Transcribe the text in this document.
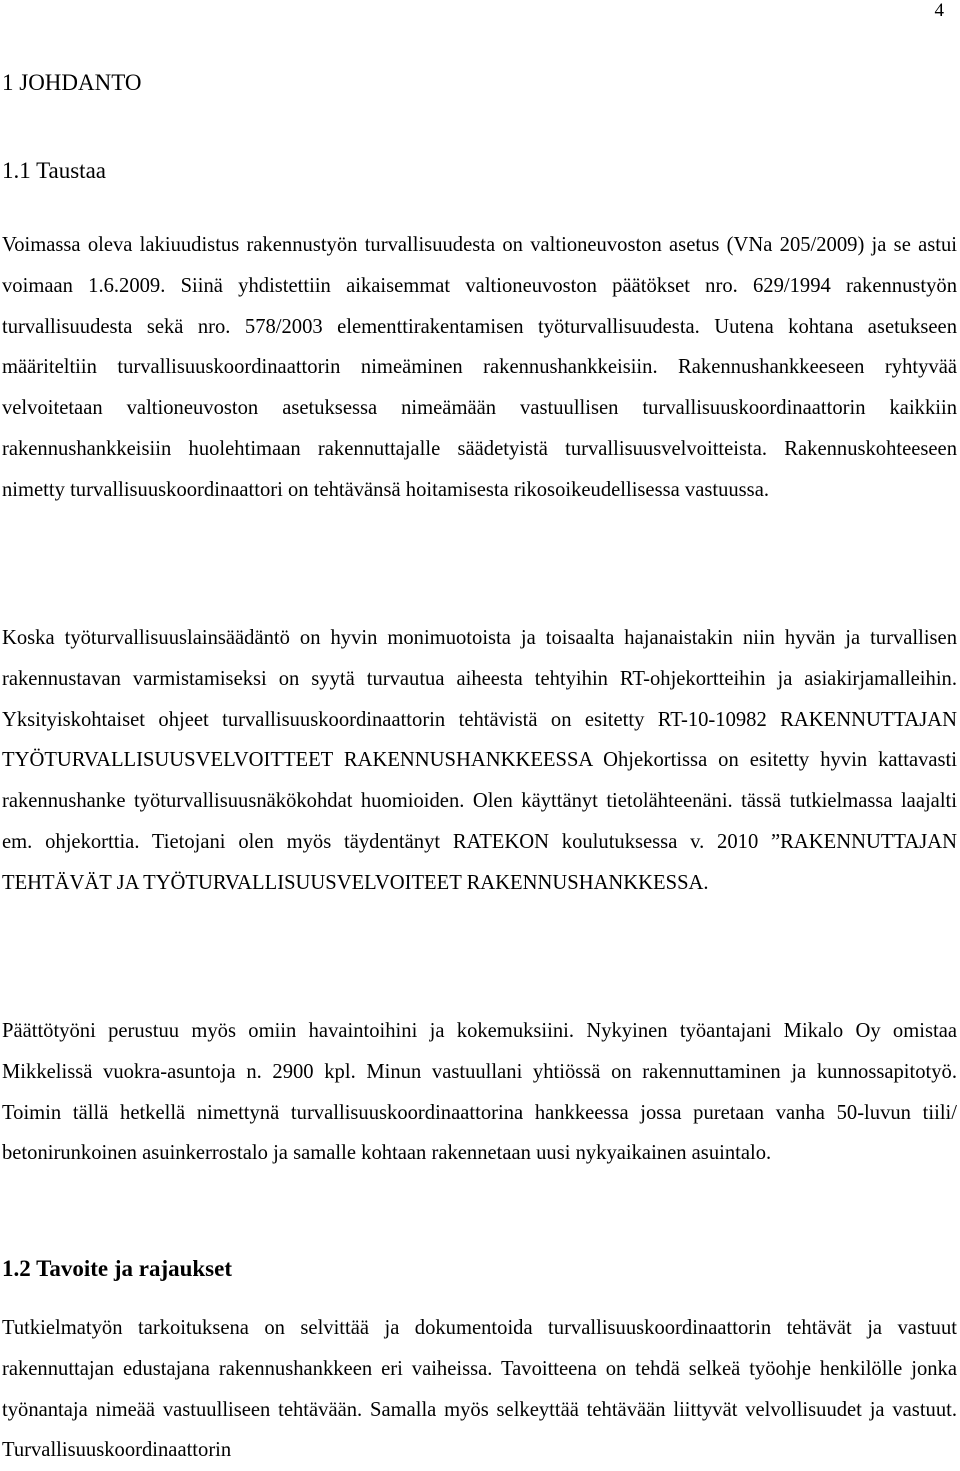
4
1 JOHDANTO
1.1 Taustaa

Voimassa oleva lakiuudistus rakennustyön turvallisuudesta on valtioneuvoston asetus (VNa 205/2009) ja se astui voimaan 1.6.2009. Siinä yhdistettiin aikaisemmat valtioneuvoston päätökset nro. 629/1994 rakennustyön turvallisuudesta sekä nro. 578/2003 elementtirakentamisen työturvallisuudesta. Uutena kohtana asetukseen määriteltiin turvallisuuskoordinaattorin nimeäminen rakennushankkeisiin. Rakennushankkeeseen ryhtyvää velvoitetaan valtioneuvoston asetuksessa nimeämään vastuullisen turvallisuuskoordinaattorin kaikkiin rakennushankkeisiin huolehtimaan rakennuttajalle säädetyistä turvallisuusvelvoitteista. Rakennuskohteeseen nimetty turvallisuuskoordinaattori on tehtävänsä hoitamisesta rikosoikeudellisessa vastuussa.

Koska työturvallisuuslainsäädäntö on hyvin monimuotoista ja toisaalta hajanaistakin niin hyvän ja turvallisen rakennustavan varmistamiseksi on syytä turvautua aiheesta tehtyihin RT-ohjekortteihin ja asiakirjamalleihin. Yksityiskohtaiset ohjeet turvallisuuskoordinaattorin tehtävistä on esitetty RT-10-10982 RAKENNUTTAJAN TYÖTURVALLISUUSVELVOITTEET RAKENNUSHANKKEESSA Ohjekortissa on esitetty hyvin kattavasti rakennushanke työturvallisuusnäkökohdat huomioiden. Olen käyttänyt tietolähteenäni. tässä tutkielmassa laajalti em. ohjekorttia. Tietojani olen myös täydentänyt RATEKON koulutuksessa v. 2010 ”RAKENNUTTAJAN TEHTÄVÄT JA TYÖTURVALLISUUSVELVOITEET RAKENNUSHANKKESSA.

Päättötyöni perustuu myös omiin havaintoihini ja kokemuksiini. Nykyinen työantajani Mikalo Oy omistaa Mikkelissä vuokra-asuntoja n. 2900 kpl. Minun vastuullani yhtiössä on rakennuttaminen ja kunnossapitotyö. Toimin tällä hetkellä nimettynä turvallisuuskoordinaattorina hankkeessa jossa puretaan vanha 50-luvun tiili/ betonirunkoinen asuinkerrostalo ja samalle kohtaan rakennetaan uusi nykyaikainen asuintalo.

1.2 Tavoite ja rajaukset

Tutkielmatyön tarkoituksena on selvittää ja dokumentoida turvallisuuskoordinaattorin tehtävät ja vastuut rakennuttajan edustajana rakennushankkeen eri vaiheissa. Tavoitteena on tehdä selkeä työohje henkilölle jonka työnantaja nimeää vastuulliseen tehtävään. Samalla myös selkeyttää tehtävään liittyvät velvollisuudet ja vastuut. Turvallisuuskoordinaattorin
